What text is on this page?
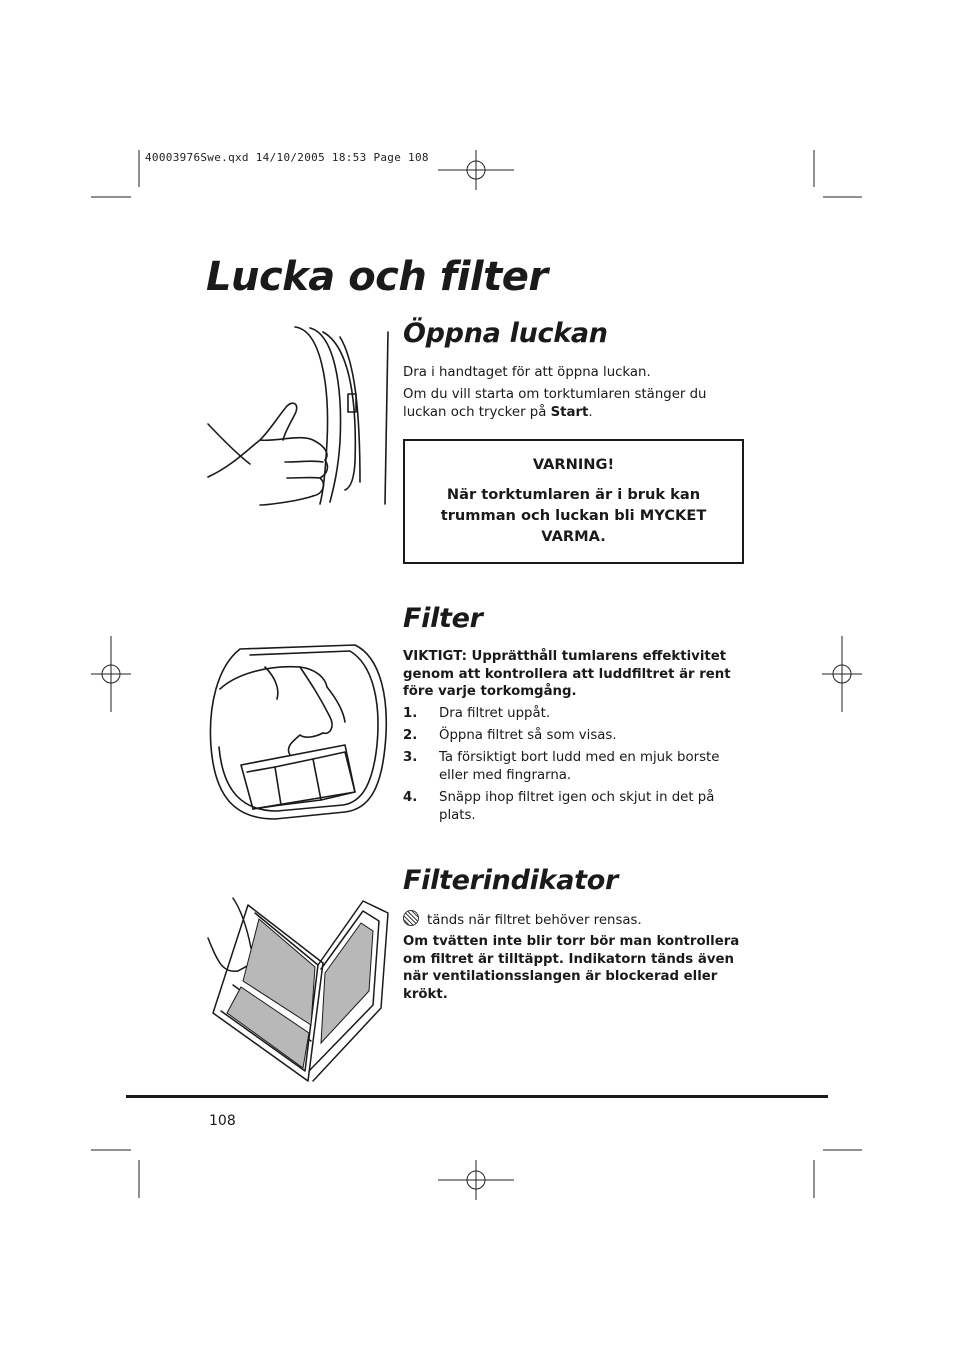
40003976Swe.qxd 14/10/2005 18:53 Page 108
Lucka och filter
Öppna luckan

Dra i handtaget för att öppna luckan.

Om du vill starta om torktumlaren stänger du luckan och trycker på Start.

VARNING!
När torktumlaren är i bruk kan trumman och luckan bli MYCKET VARMA.
Filter

VIKTIGT: Upprätthåll tumlarens effektivitet genom att kontrollera att luddfiltret är rent före varje torkomgång.

1. Dra filtret uppåt.
2. Öppna filtret så som visas.
3. Ta försiktigt bort ludd med en mjuk borste eller med fingrarna.
4. Snäpp ihop filtret igen och skjut in det på plats.
Filterindikator

tänds när filtret behöver rensas.

Om tvätten inte blir torr bör man kontrollera om filtret är tilltäppt. Indikatorn tänds även när ventilationsslangen är blockerad eller krökt.

108
